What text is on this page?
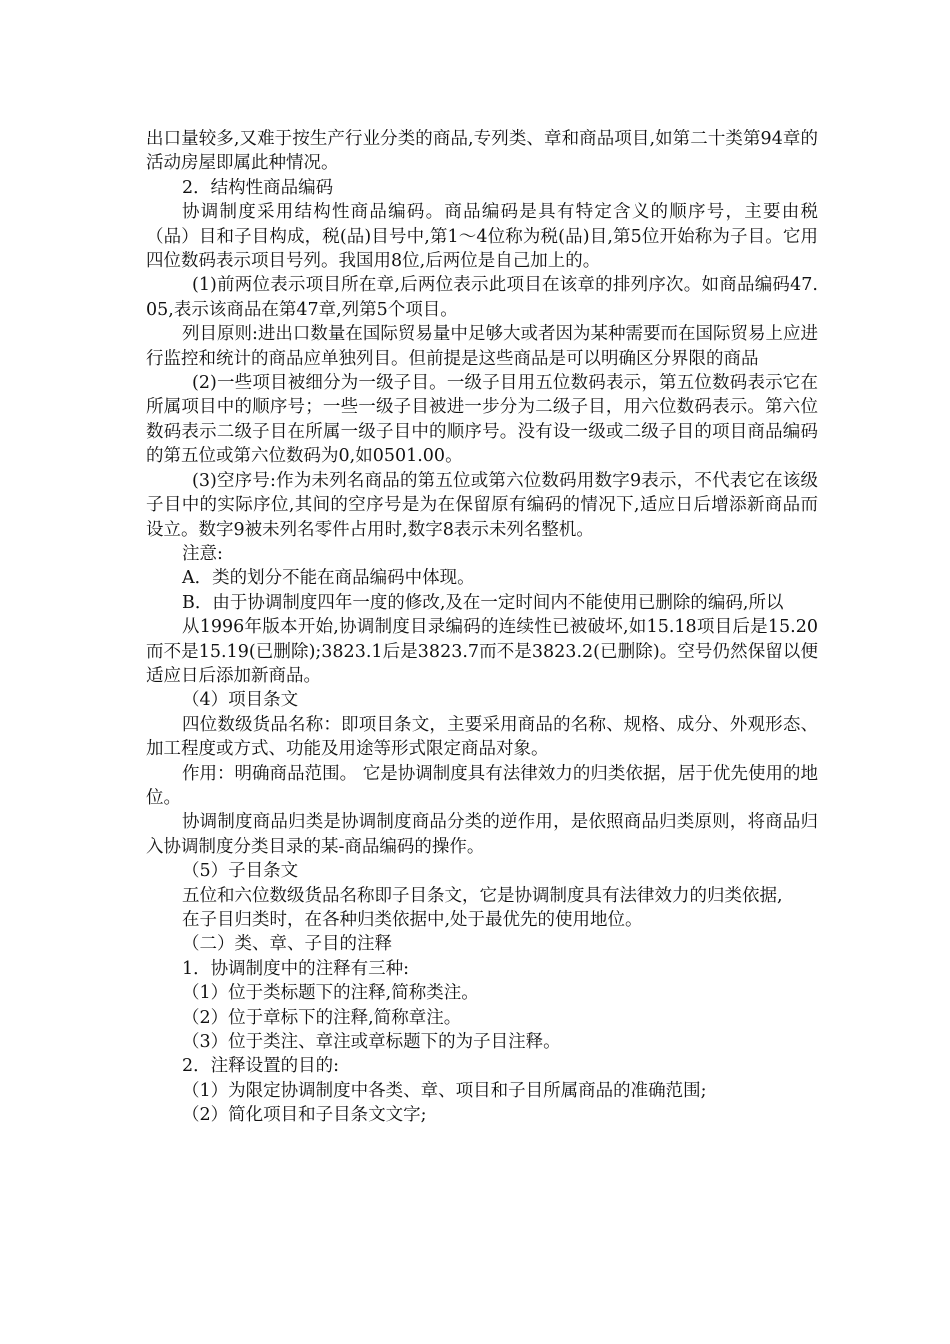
出口量较多,又难于按生产行业分类的商品,专列类、章和商品项目,如第二十类第94章的活动房屋即属此种情况。

2．结构性商品编码

协调制度采用结构性商品编码。商品编码是具有特定含义的顺序号，主要由税（品）目和子目构成，税(品)目号中,第1～4位称为税(品)目,第5位开始称为子目。它用四位数码表示项目号列。我国用8位,后两位是自己加上的。

(1)前两位表示项目所在章,后两位表示此项目在该章的排列序次。如商品编码47.05,表示该商品在第47章,列第5个项目。

列目原则:进出口数量在国际贸易量中足够大或者因为某种需要而在国际贸易上应进行监控和统计的商品应单独列目。但前提是这些商品是可以明确区分界限的商品

(2)一些项目被细分为一级子目。一级子目用五位数码表示，第五位数码表示它在所属项目中的顺序号；一些一级子目被进一步分为二级子目，用六位数码表示。第六位数码表示二级子目在所属一级子目中的顺序号。没有设一级或二级子目的项目商品编码的第五位或第六位数码为0,如0501.00。

(3)空序号:作为未列名商品的第五位或第六位数码用数字9表示，不代表它在该级子目中的实际序位,其间的空序号是为在保留原有编码的情况下,适应日后增添新商品而设立。数字9被未列名零件占用时,数字8表示未列名整机。

注意:

A．类的划分不能在商品编码中体现。

B．由于协调制度四年一度的修改,及在一定时间内不能使用已删除的编码,所以

从1996年版本开始,协调制度目录编码的连续性已被破坏,如15.18项目后是15.20而不是15.19(已删除);3823.1后是3823.7而不是3823.2(已删除)。空号仍然保留以便适应日后添加新商品。

（4）项目条文

四位数级货品名称：即项目条文，主要采用商品的名称、规格、成分、外观形态、加工程度或方式、功能及用途等形式限定商品对象。

作用：明确商品范围。 它是协调制度具有法律效力的归类依据，居于优先使用的地位。

协调制度商品归类是协调制度商品分类的逆作用，是依照商品归类原则，将商品归入协调制度分类目录的某-商品编码的操作。

（5）子目条文

五位和六位数级货品名称即子目条文，它是协调制度具有法律效力的归类依据,

在子目归类时，在各种归类依据中,处于最优先的使用地位。

（二）类、章、子目的注释

1．协调制度中的注释有三种:

（1）位于类标题下的注释,简称类注。

（2）位于章标下的注释,简称章注。

（3）位于类注、章注或章标题下的为子目注释。

2．注释设置的目的:

（1）为限定协调制度中各类、章、项目和子目所属商品的准确范围;

（2）简化项目和子目条文文字;
